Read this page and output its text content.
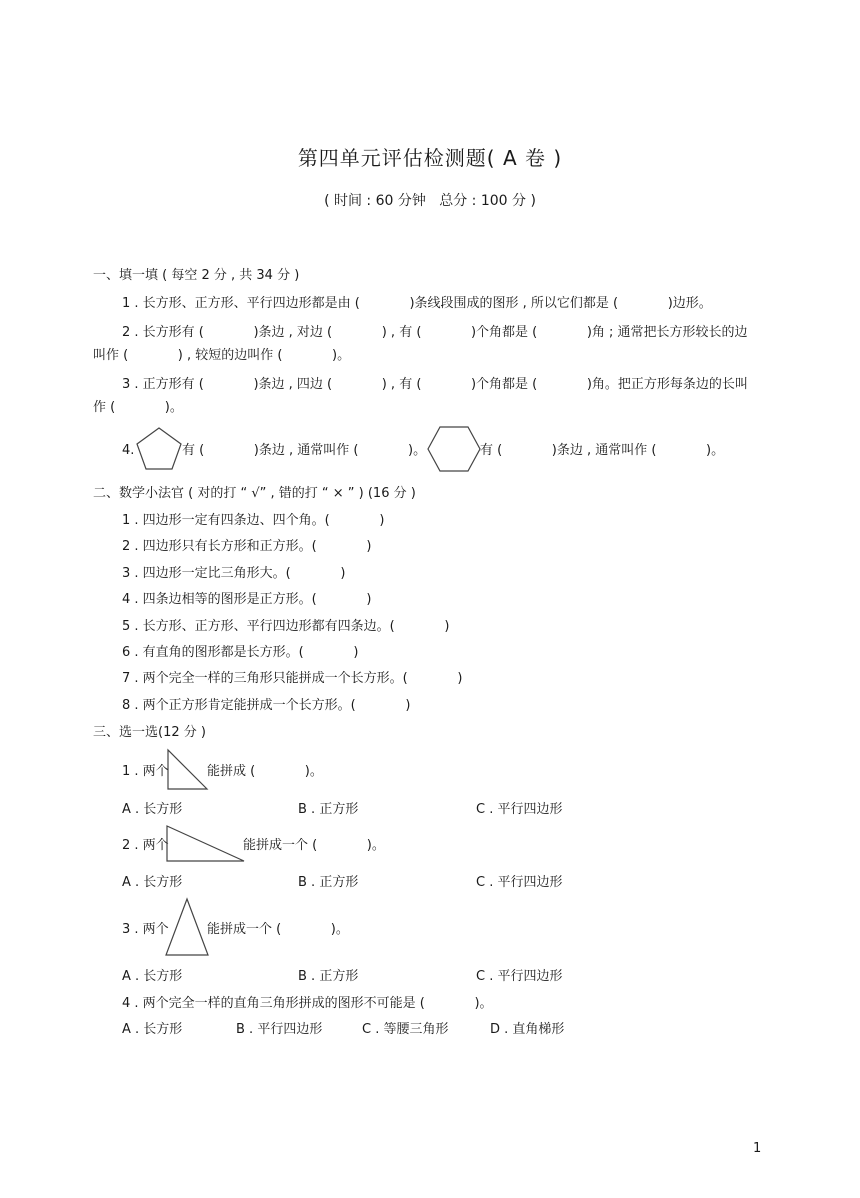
第四单元评估检测题( A 卷 )
( 时间 : 60 分钟   总分 : 100 分 )
一、填一填 ( 每空 2 分 , 共 34 分 )
1 . 长方形、正方形、平行四边形都是由 (            )条线段围成的图形 , 所以它们都是 (            )边形。
2 . 长方形有 (            )条边 , 对边 (            ) , 有 (            )个角都是 (            )角 ; 通常把长方形较长的边
叫作 (            ) , 较短的边叫作 (            )。
3 . 正方形有 (            )条边 , 四边 (            ) , 有 (            )个角都是 (            )角。把正方形每条边的长叫
作 (            )。
4.	有 (            )条边 , 通常叫作 (            )。	有 (            )条边 , 通常叫作 (            )。
二、数学小法官 ( 对的打 “ √” , 错的打 “ × ” ) (16 分 )
1 . 四边形一定有四条边、四个角。(            )
2 . 四边形只有长方形和正方形。(            )
3 . 四边形一定比三角形大。(            )
4 . 四条边相等的图形是正方形。(            )
5 . 长方形、正方形、平行四边形都有四条边。(            )
6 . 有直角的图形都是长方形。(            )
7 . 两个完全一样的三角形只能拼成一个长方形。(            )
8 . 两个正方形肯定能拼成一个长方形。(            )
三、选一选(12 分 )
1 . 两个	能拼成 (            )。
A . 长方形	B . 正方形	C . 平行四边形
2 . 两个	能拼成一个 (            )。
A . 长方形	B . 正方形	C . 平行四边形
3 . 两个	能拼成一个 (            )。
A . 长方形	B . 正方形	C . 平行四边形
4 . 两个完全一样的直角三角形拼成的图形不可能是 (            )。
A . 长方形	B . 平行四边形	C . 等腰三角形	D . 直角梯形
1
